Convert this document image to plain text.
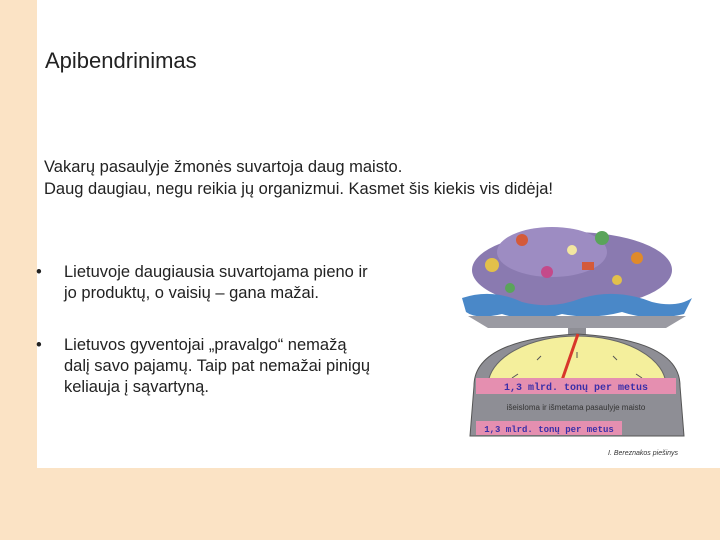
Apibendrinimas
Vakarų pasaulyje žmonės suvartoja daug maisto.
Daug daugiau, negu reikia jų organizmui. Kasmet šis kiekis vis didėja!
• Lietuvoje daugiausia suvartojama pieno ir jo produktų, o vaisių – gana mažai.
• Lietuvos gyventojai „pravalgo“ nemažą dalį savo pajamų. Taip pat nemažai pinigų keliauja į sąvartyną.	1,3 mlrd. tonų per metus
išeisloma ir išmetama pasaulyje maisto
1,3 mlrd. tonų per metus
I. Bereznakos piešinys
